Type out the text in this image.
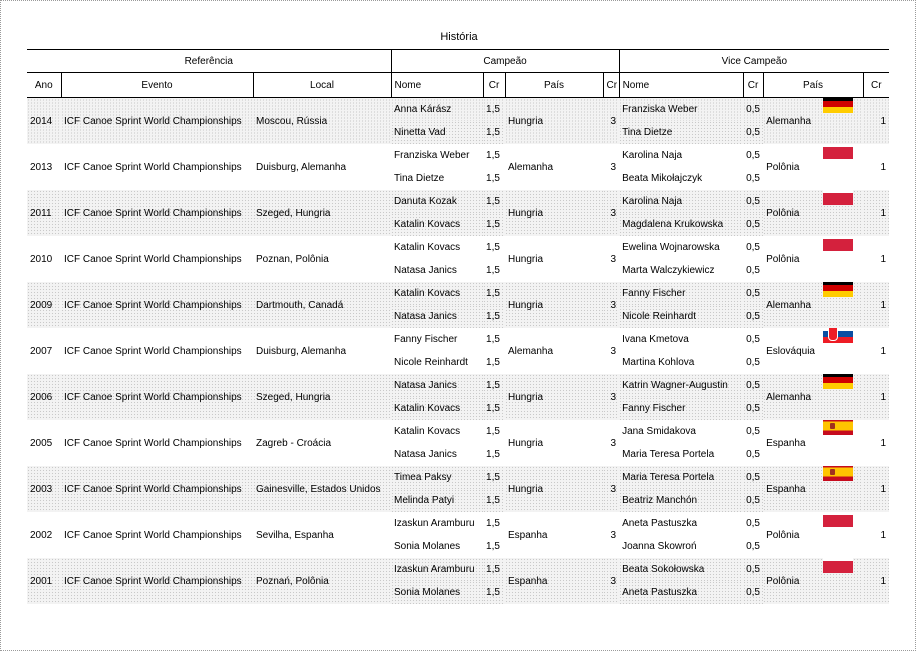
História
Referência			Campeão				Vice Campeão			
Ano	Evento	Local	Nome	Cr	País	Cr	Nome	Cr	País	Cr
2014	ICF Canoe Sprint World Championships	Moscou, Rússia	Anna Kárász	1,5	Hungria	3	Franziska Weber	0,5	Alemanha	1
			Ninetta Vad	1,5			Tina Dietze	0,5		
2013	ICF Canoe Sprint World Championships	Duisburg, Alemanha	Franziska Weber	1,5	Alemanha	3	Karolina Naja	0,5	Polônia	1
			Tina Dietze	1,5			Beata Mikołajczyk	0,5		
2011	ICF Canoe Sprint World Championships	Szeged, Hungria	Danuta Kozak	1,5	Hungria	3	Karolina Naja	0,5	Polônia	1
			Katalin Kovacs	1,5			Magdalena Krukowska	0,5		
2010	ICF Canoe Sprint World Championships	Poznan, Polônia	Katalin Kovacs	1,5	Hungria	3	Ewelina Wojnarowska	0,5	Polônia	1
			Natasa Janics	1,5			Marta Walczykiewicz	0,5		
2009	ICF Canoe Sprint World Championships	Dartmouth, Canadá	Katalin Kovacs	1,5	Hungria	3	Fanny Fischer	0,5	Alemanha	1
			Natasa Janics	1,5			Nicole Reinhardt	0,5		
2007	ICF Canoe Sprint World Championships	Duisburg, Alemanha	Fanny Fischer	1,5	Alemanha	3	Ivana Kmetova	0,5	Eslováquia	1
			Nicole Reinhardt	1,5			Martina Kohlova	0,5		
2006	ICF Canoe Sprint World Championships	Szeged, Hungria	Natasa Janics	1,5	Hungria	3	Katrin Wagner-Augustin	0,5	Alemanha	1
			Katalin Kovacs	1,5			Fanny Fischer	0,5		
2005	ICF Canoe Sprint World Championships	Zagreb - Croácia	Katalin Kovacs	1,5	Hungria	3	Jana Smidakova	0,5	Espanha	1
			Natasa Janics	1,5			Maria Teresa Portela	0,5		
2003	ICF Canoe Sprint World Championships	Gainesville, Estados Unidos	Timea Paksy	1,5	Hungria	3	Maria Teresa Portela	0,5	Espanha	1
			Melinda Patyi	1,5			Beatriz Manchón	0,5		
2002	ICF Canoe Sprint World Championships	Sevilha, Espanha	Izaskun Aramburu	1,5	Espanha	3	Aneta Pastuszka	0,5	Polônia	1
			Sonia Molanes	1,5			Joanna Skowroń	0,5		
2001	ICF Canoe Sprint World Championships	Poznań, Polônia	Izaskun Aramburu	1,5	Espanha	3	Beata Sokołowska	0,5	Polônia	1
			Sonia Molanes	1,5			Aneta Pastuszka	0,5		
